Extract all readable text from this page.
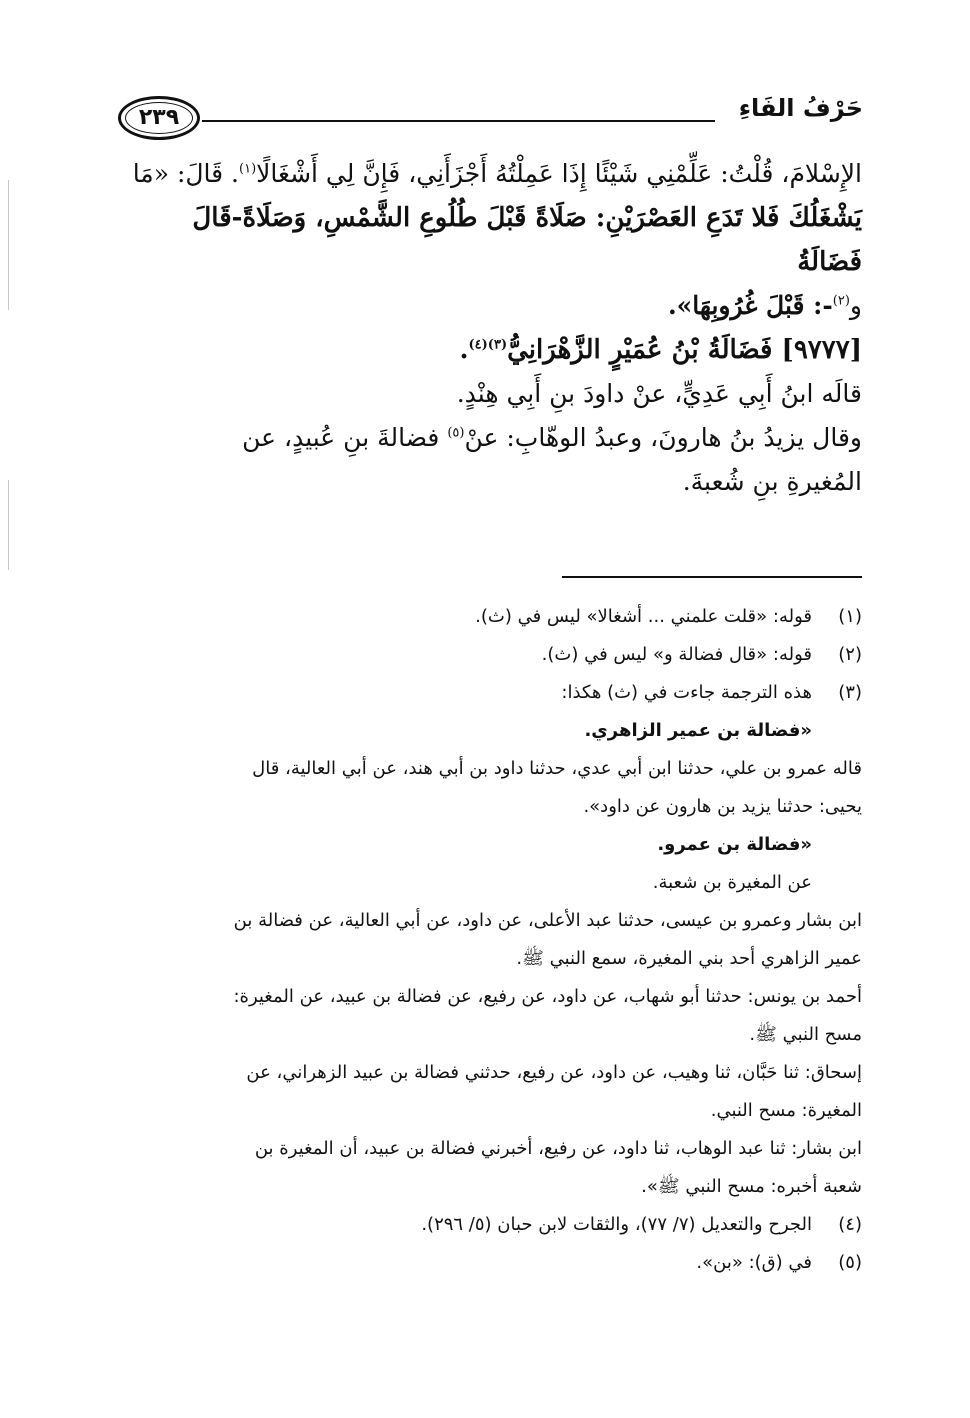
٢٣٩	حَرْفُ الفَاءِ
الإِسْلامَ، قُلْتُ: عَلِّمْنِي شَيْئًا إِذَا عَمِلْتُهُ أَجْزَأَنِي، فَإِنَّ لِي أَشْغَالًا$^{(١)}$. قَالَ: «مَا
يَشْغَلُكَ فَلا تَدَعِ العَصْرَيْنِ: صَلَاةً قَبْلَ طُلُوعِ الشَّمْسِ، وَصَلَاةً-قَالَ فَضَالَةُ
و$^{(٢)}$-: قَبْلَ غُرُوبِهَا».
[٩٧٧٧] فَضَالَةُ بْنُ عُمَيْرٍ الزَّهْرَانِيُّ$^{(٣)(٤)}$.
قالَه ابنُ أَبِي عَدِيٍّ، عنْ داودَ بنِ أَبِي هِنْدٍ.
وقال يزيدُ بنُ هارونَ، وعبدُ الوهّابِ: عنْ$^{(٥)}$ فضالةَ بنِ عُبيدٍ، عن
المُغيرةِ بنِ شُعبةَ.
(١)قوله: «قلت علمني ... أشغالا» ليس في (ث).
(٢)قوله: «قال فضالة و» ليس في (ث).
(٣)هذه الترجمة جاءت في (ث) هكذا:
«فضالة بن عمير الزاهري.
قاله عمرو بن علي، حدثنا ابن أبي عدي، حدثنا داود بن أبي هند، عن أبي العالية، قال
يحيى: حدثنا يزيد بن هارون عن داود».
«فضالة بن عمرو.
عن المغيرة بن شعبة.
ابن بشار وعمرو بن عيسى، حدثنا عبد الأعلى، عن داود، عن أبي العالية، عن فضالة بن
عمير الزاهري أحد بني المغيرة، سمع النبي ﷺ.
أحمد بن يونس: حدثنا أبو شهاب، عن داود، عن رفيع، عن فضالة بن عبيد، عن المغيرة:
مسح النبي ﷺ.
إسحاق: ثنا حَبَّان، ثنا وهيب، عن داود، عن رفيع، حدثني فضالة بن عبيد الزهراني، عن
المغيرة: مسح النبي.
ابن بشار: ثنا عبد الوهاب، ثنا داود، عن رفيع، أخبرني فضالة بن عبيد، أن المغيرة بن
شعبة أخبره: مسح النبي ﷺ».
(٤)الجرح والتعديل (٧/ ٧٧)، والثقات لابن حبان (٥/ ٢٩٦).
(٥)في (ق): «بن».
